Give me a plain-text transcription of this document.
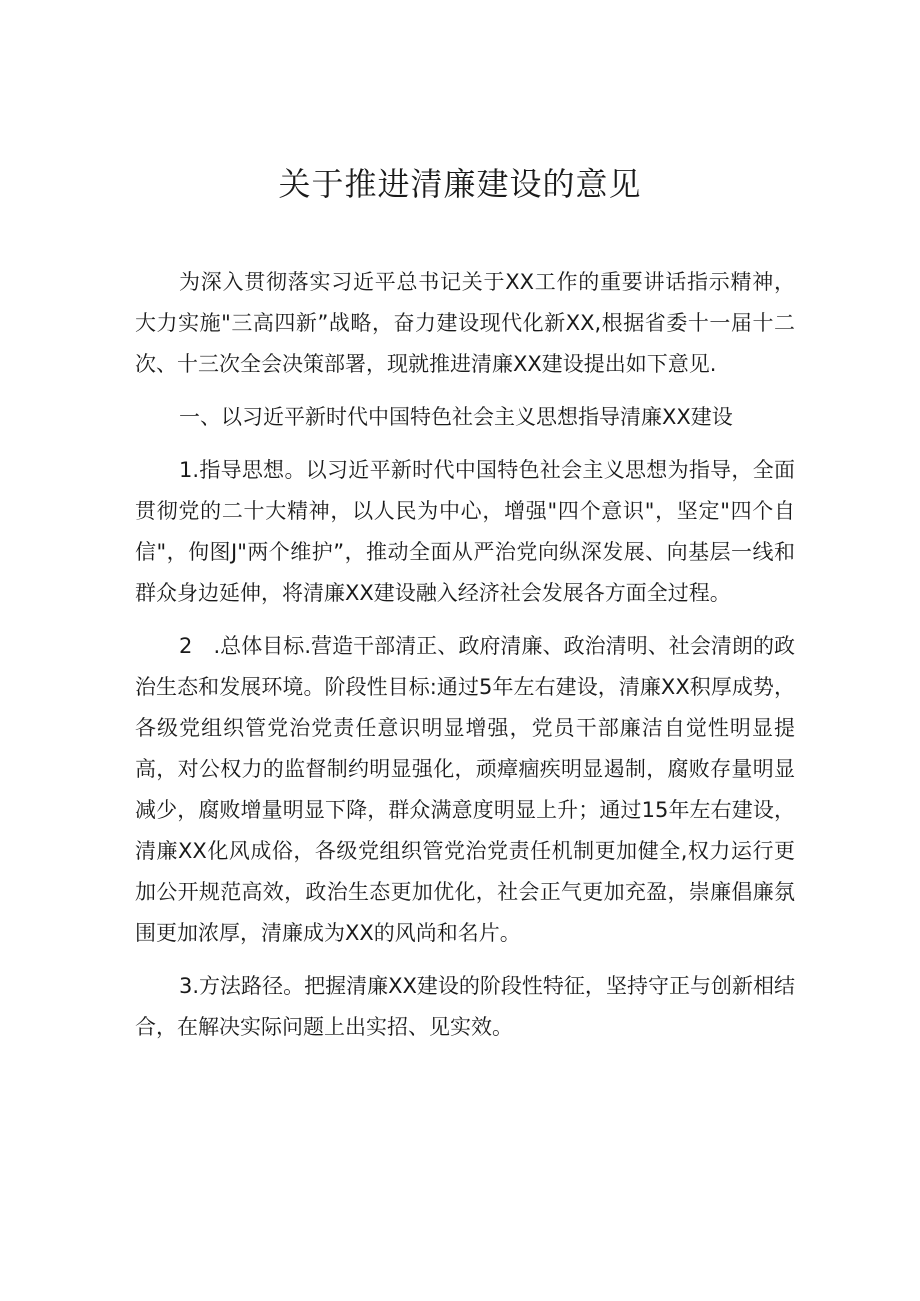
关于推进清廉建设的意见

为深入贯彻落实习近平总书记关于XX工作的重要讲话指示精神，大力实施"三高四新”战略，奋力建设现代化新XX,根据省委十一届十二次、十三次全会决策部署，现就推进清廉XX建设提出如下意见.

一、以习近平新时代中国特色社会主义思想指导清廉XX建设

1.指导思想。以习近平新时代中国特色社会主义思想为指导，全面贯彻党的二十大精神，以人民为中心，增强"四个意识"，坚定"四个自信"，佝图J"两个维护”，推动全面从严治党向纵深发展、向基层一线和群众身边延伸，将清廉XX建设融入经济社会发展各方面全过程。

2　.总体目标.营造干部清正、政府清廉、政治清明、社会清朗的政治生态和发展环境。阶段性目标:通过5年左右建设，清廉XX积厚成势，各级党组织管党治党责任意识明显增强，党员干部廉洁自觉性明显提高，对公权力的监督制约明显强化，顽瘴痼疾明显遏制，腐败存量明显减少，腐败增量明显下降，群众满意度明显上升；通过15年左右建设，清廉XX化风成俗，各级党组织管党治党责任机制更加健全,权力运行更加公开规范高效，政治生态更加优化，社会正气更加充盈，崇廉倡廉氛围更加浓厚，清廉成为XX的风尚和名片。

3.方法路径。把握清廉XX建设的阶段性特征，坚持守正与创新相结合，在解决实际问题上出实招、见实效。
